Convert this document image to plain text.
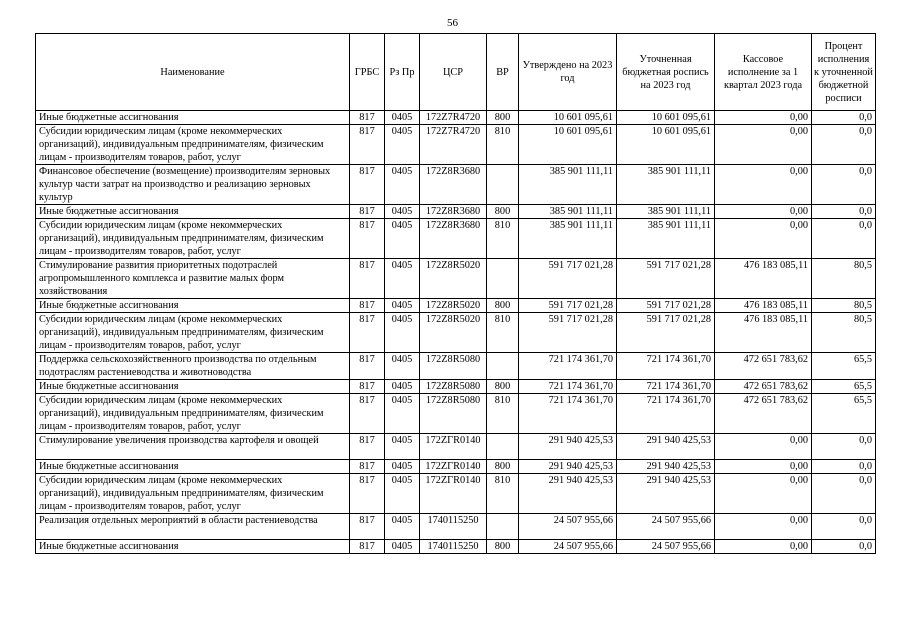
56
Наименование	ГРБС	Рз Пр	ЦСР	ВР	Утверждено на 2023 год	Уточненная бюджетная роспись на 2023 год	Кассовое исполнение за 1 квартал 2023 года	Процент исполнения к уточненной бюджетной росписи
Иные бюджетные ассигнования	817	0405	172Z7R4720	800	10 601 095,61	10 601 095,61	0,00	0,0
Субсидии юридическим лицам (кроме некоммерческих организаций), индивидуальным предпринимателям, физическим лицам - производителям товаров, работ, услуг	817	0405	172Z7R4720	810	10 601 095,61	10 601 095,61	0,00	0,0
Финансовое обеспечение (возмещение) производителям зерновых культур части затрат на производство и реализацию зерновых культур	817	0405	172Z8R3680		385 901 111,11	385 901 111,11	0,00	0,0
Иные бюджетные ассигнования	817	0405	172Z8R3680	800	385 901 111,11	385 901 111,11	0,00	0,0
Субсидии юридическим лицам (кроме некоммерческих организаций), индивидуальным предпринимателям, физическим лицам - производителям товаров, работ, услуг	817	0405	172Z8R3680	810	385 901 111,11	385 901 111,11	0,00	0,0
Стимулирование развития приоритетных подотраслей агропромышленного комплекса и развитие малых форм хозяйствования	817	0405	172Z8R5020		591 717 021,28	591 717 021,28	476 183 085,11	80,5
Иные бюджетные ассигнования	817	0405	172Z8R5020	800	591 717 021,28	591 717 021,28	476 183 085,11	80,5
Субсидии юридическим лицам (кроме некоммерческих организаций), индивидуальным предпринимателям, физическим лицам - производителям товаров, работ, услуг	817	0405	172Z8R5020	810	591 717 021,28	591 717 021,28	476 183 085,11	80,5
Поддержка сельскохозяйственного производства по отдельным подотраслям растениеводства и животноводства	817	0405	172Z8R5080		721 174 361,70	721 174 361,70	472 651 783,62	65,5
Иные бюджетные ассигнования	817	0405	172Z8R5080	800	721 174 361,70	721 174 361,70	472 651 783,62	65,5
Субсидии юридическим лицам (кроме некоммерческих организаций), индивидуальным предпринимателям, физическим лицам - производителям товаров, работ, услуг	817	0405	172Z8R5080	810	721 174 361,70	721 174 361,70	472 651 783,62	65,5
Стимулирование увеличения производства картофеля и овощей	817	0405	172ZГR0140		291 940 425,53	291 940 425,53	0,00	0,0
Иные бюджетные ассигнования	817	0405	172ZГR0140	800	291 940 425,53	291 940 425,53	0,00	0,0
Субсидии юридическим лицам (кроме некоммерческих организаций), индивидуальным предпринимателям, физическим лицам - производителям товаров, работ, услуг	817	0405	172ZГR0140	810	291 940 425,53	291 940 425,53	0,00	0,0
Реализация отдельных мероприятий в области растениеводства	817	0405	1740115250		24 507 955,66	24 507 955,66	0,00	0,0
Иные бюджетные ассигнования	817	0405	1740115250	800	24 507 955,66	24 507 955,66	0,00	0,0
